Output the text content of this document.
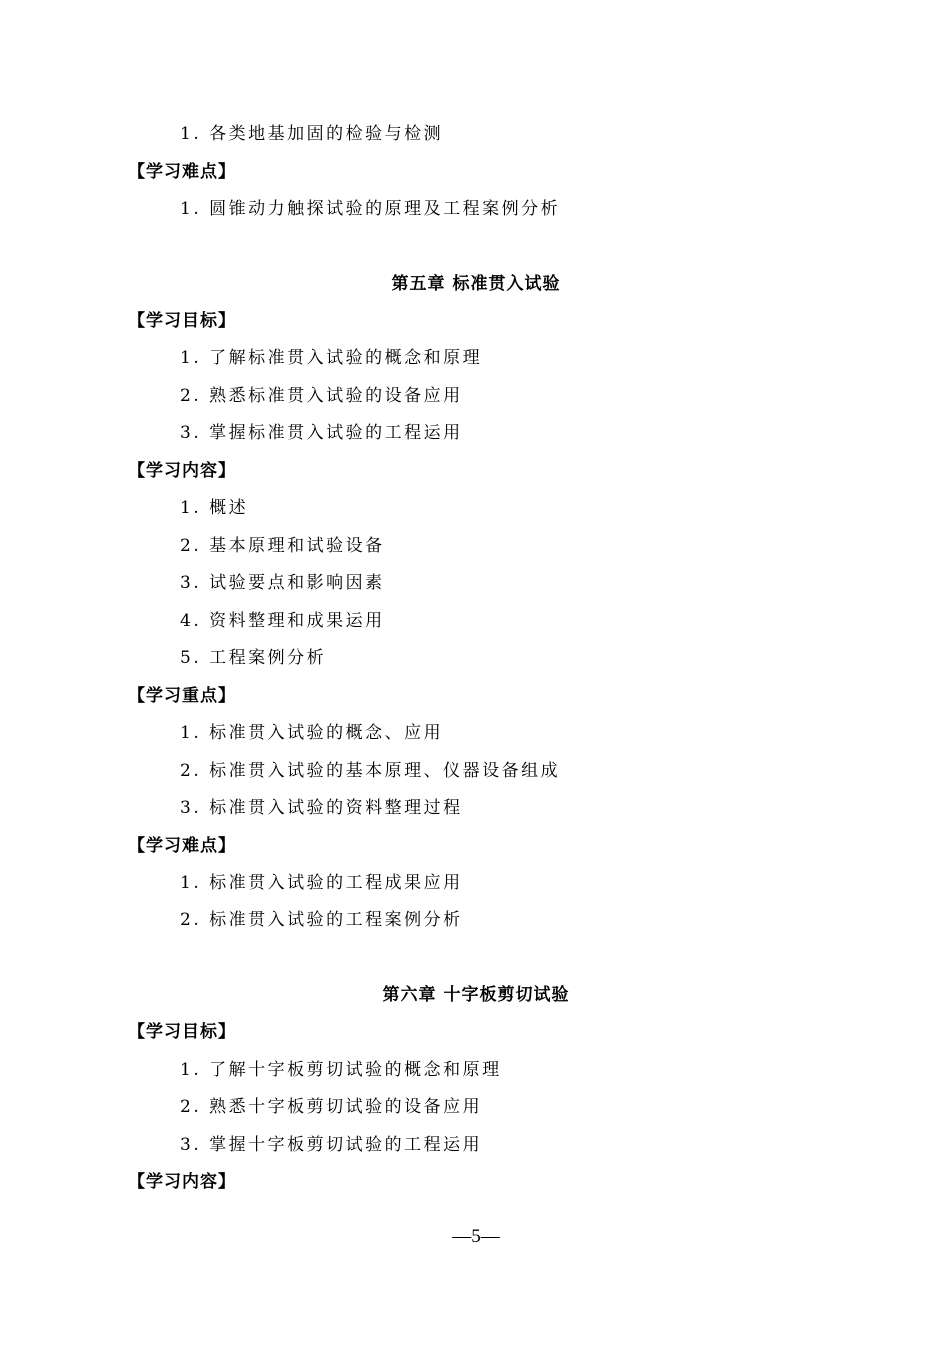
1. 各类地基加固的检验与检测
【学习难点】
1. 圆锥动力触探试验的原理及工程案例分析
第五章 标准贯入试验
【学习目标】
1. 了解标准贯入试验的概念和原理
2. 熟悉标准贯入试验的设备应用
3. 掌握标准贯入试验的工程运用
【学习内容】
1. 概述
2. 基本原理和试验设备
3. 试验要点和影响因素
4. 资料整理和成果运用
5. 工程案例分析
【学习重点】
1. 标准贯入试验的概念、应用
2. 标准贯入试验的基本原理、仪器设备组成
3. 标准贯入试验的资料整理过程
【学习难点】
1. 标准贯入试验的工程成果应用
2. 标准贯入试验的工程案例分析
第六章 十字板剪切试验
【学习目标】
1. 了解十字板剪切试验的概念和原理
2. 熟悉十字板剪切试验的设备应用
3. 掌握十字板剪切试验的工程运用
【学习内容】
—5—
